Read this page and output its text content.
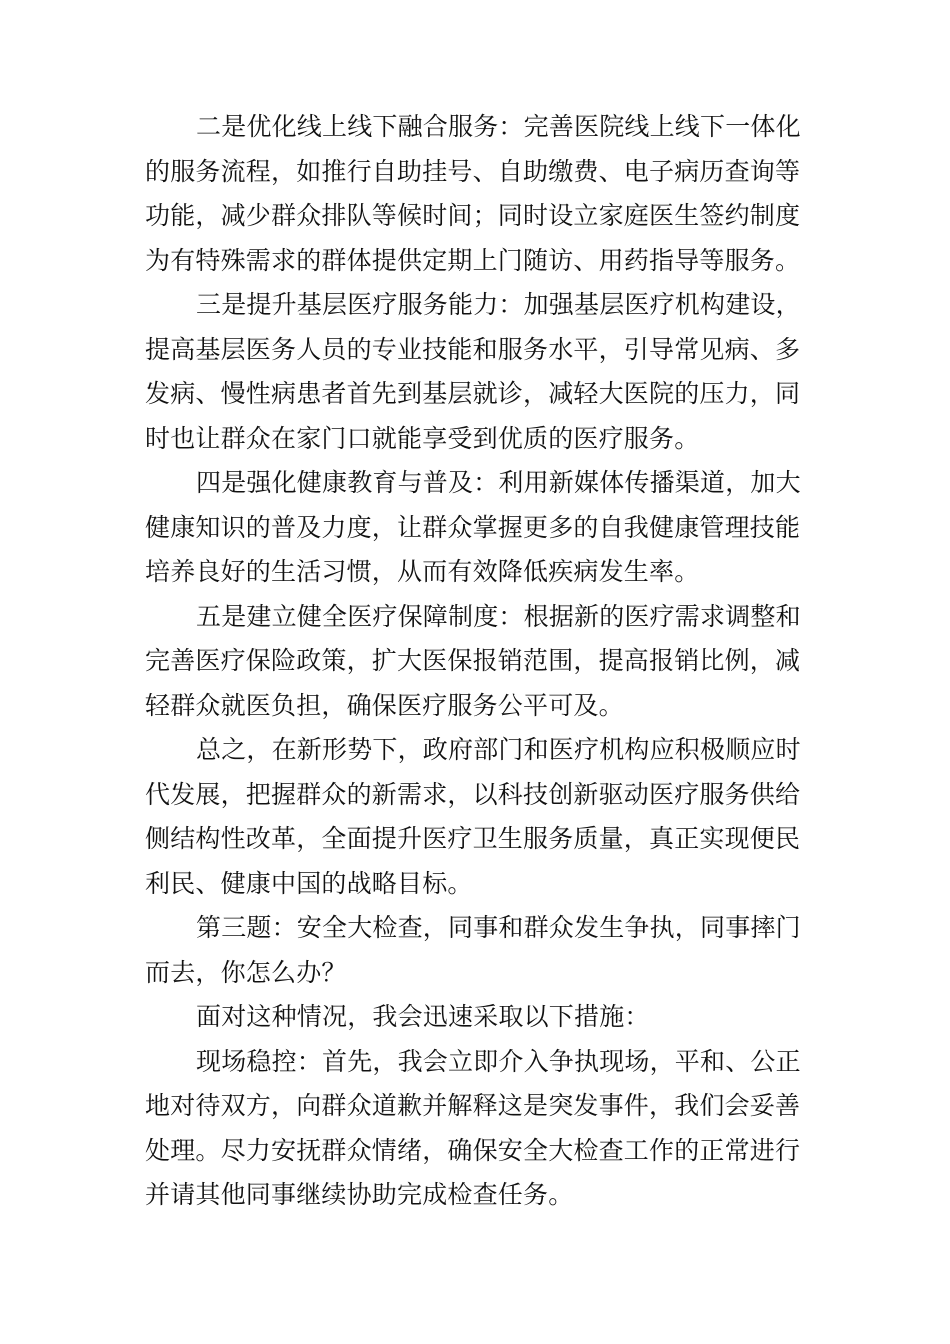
二是优化线上线下融合服务：完善医院线上线下一体化
的服务流程，如推行自助挂号、自助缴费、电子病历查询等
功能，减少群众排队等候时间；同时设立家庭医生签约制度
为有特殊需求的群体提供定期上门随访、用药指导等服务。
三是提升基层医疗服务能力：加强基层医疗机构建设，
提高基层医务人员的专业技能和服务水平，引导常见病、多
发病、慢性病患者首先到基层就诊，减轻大医院的压力，同
时也让群众在家门口就能享受到优质的医疗服务。
四是强化健康教育与普及：利用新媒体传播渠道，加大
健康知识的普及力度，让群众掌握更多的自我健康管理技能
培养良好的生活习惯，从而有效降低疾病发生率。
五是建立健全医疗保障制度：根据新的医疗需求调整和
完善医疗保险政策，扩大医保报销范围，提高报销比例，减
轻群众就医负担，确保医疗服务公平可及。
总之，在新形势下，政府部门和医疗机构应积极顺应时
代发展，把握群众的新需求，以科技创新驱动医疗服务供给
侧结构性改革，全面提升医疗卫生服务质量，真正实现便民
利民、健康中国的战略目标。
第三题：安全大检查，同事和群众发生争执，同事摔门
而去，你怎么办？
面对这种情况，我会迅速采取以下措施：
现场稳控：首先，我会立即介入争执现场，平和、公正
地对待双方，向群众道歉并解释这是突发事件，我们会妥善
处理。尽力安抚群众情绪，确保安全大检查工作的正常进行
并请其他同事继续协助完成检查任务。
